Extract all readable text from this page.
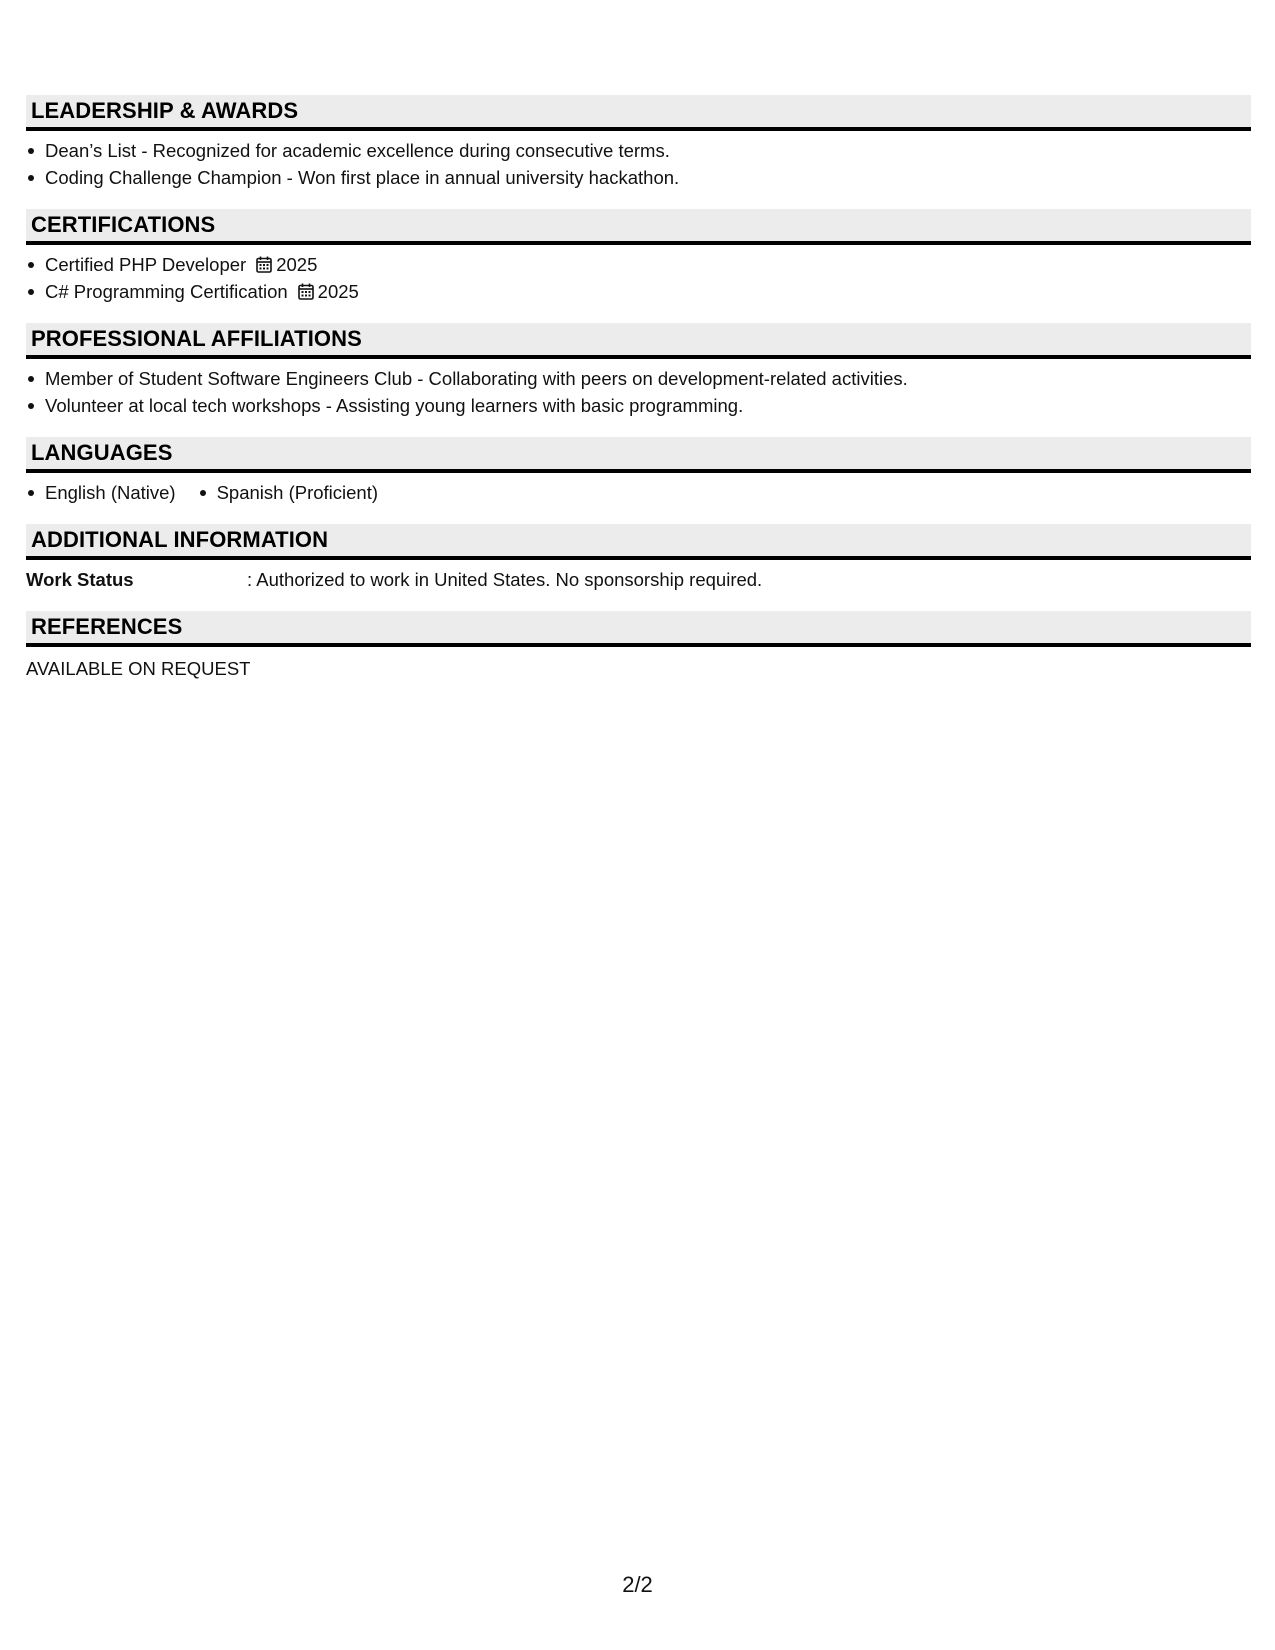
LEADERSHIP & AWARDS
Dean’s List - Recognized for academic excellence during consecutive terms.
Coding Challenge Champion - Won first place in annual university hackathon.
CERTIFICATIONS
Certified PHP Developer 2025
C# Programming Certification 2025
PROFESSIONAL AFFILIATIONS
Member of Student Software Engineers Club - Collaborating with peers on development-related activities.
Volunteer at local tech workshops - Assisting young learners with basic programming.
LANGUAGES
English (Native)	Spanish (Proficient)
ADDITIONAL INFORMATION
Work Status	: Authorized to work in United States. No sponsorship required.
REFERENCES
AVAILABLE ON REQUEST
2/2
